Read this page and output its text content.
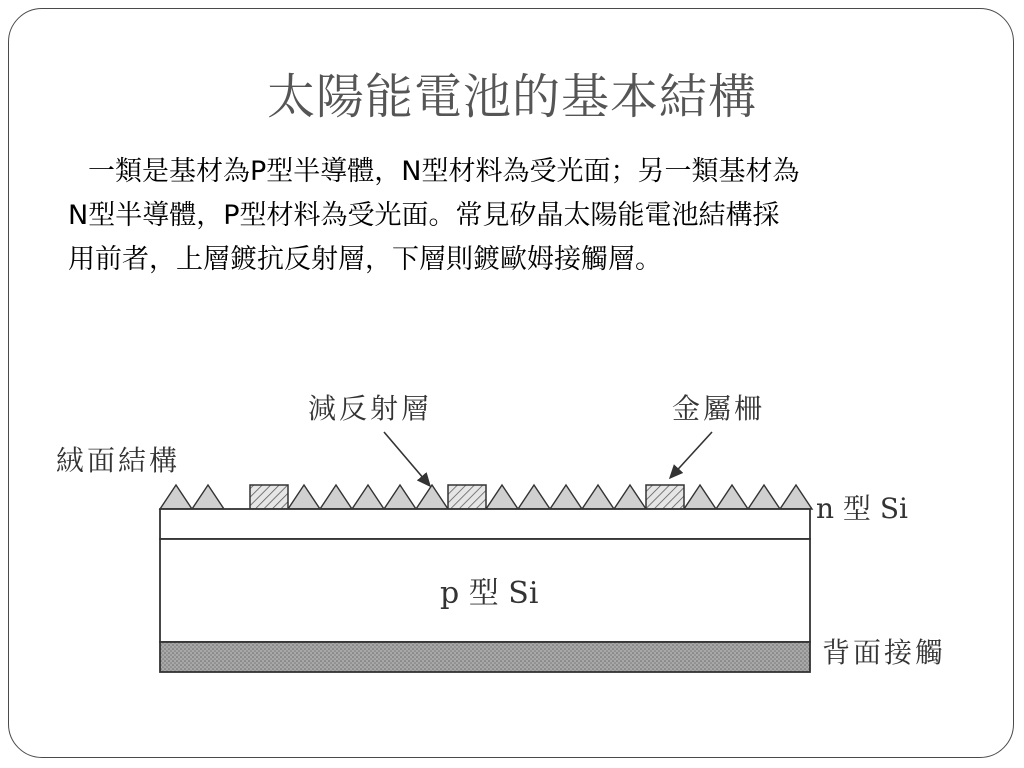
太陽能電池的基本結構

一類是基材為P型半導體，N型材料為受光面；另一類基材為

N型半導體，P型材料為受光面。常見矽晶太陽能電池結構採

用前者，上層鍍抗反射層，下層則鍍歐姆接觸層。

絨面結構
減反射層	金屬柵
n 型 Si
p 型 Si
背面接觸
